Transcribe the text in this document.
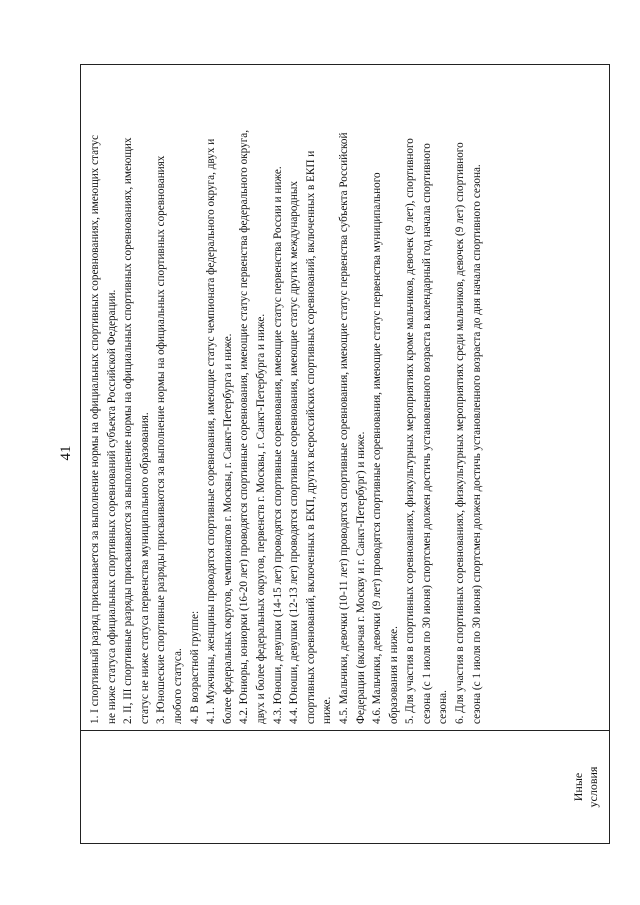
41
Иные
условия

1. I спортивный разряд присваивается за выполнение нормы на официальных спортивных соревнованиях, имеющих статус
не ниже статуса официальных спортивных соревнований субъекта Российской Федерации.

2. II, III спортивные разряды присваиваются за выполнение нормы на официальных спортивных соревнованиях, имеющих
статус не ниже статуса первенства муниципального образования.

3. Юношеские спортивные разряды присваиваются за выполнение нормы на официальных спортивных соревнованиях
любого статуса. 4. В возрастной группе: 4.1. Мужчины, женщины проводятся спортивные соревнования, имеющие статус чемпионата федерального округа, двух и
более федеральных округов, чемпионатов г. Москвы, г. Санкт-Петербурга и ниже.

4.2. Юниоры, юниорки (16-20 лет) проводятся спортивные соревнования, имеющие статус первенства федерального округа,
двух и более федеральных округов, первенств г. Москвы, г. Санкт-Петербурга и ниже.

4.3. Юноши, девушки (14-15 лет) проводятся спортивные соревнования, имеющие статус первенства России и ниже.
4.4. Юноши, девушки (12-13 лет) проводятся спортивные соревнования, имеющие статус других международных
спортивных соревнований, включенных в ЕКП, других всероссийских спортивных соревнований, включенных в ЕКП и
ниже. 4.5. Мальчики, девочки (10-11 лет) проводятся спортивные соревнования, имеющие статус первенства субъекта Российской
Федерации (включая г. Москву и г. Санкт-Петербург) и ниже.

4.6. Мальчики, девочки (9 лет) проводятся спортивные соревнования, имеющие статус первенства муниципального
образования и ниже.

5. Для участия в спортивных соревнованиях, физкультурных мероприятиях кроме мальчиков, девочек (9 лет), спортивного
сезона (с 1 июля по 30 июня) спортсмен должен достичь установленного возраста в календарный год начала спортивного
сезона. 6. Для участия в спортивных соревнованиях, физкультурных мероприятиях среди мальчиков, девочек (9 лет) спортивного
сезона (с 1 июля по 30 июня) спортсмен должен достичь установленного возраста до дня начала спортивного сезона.
